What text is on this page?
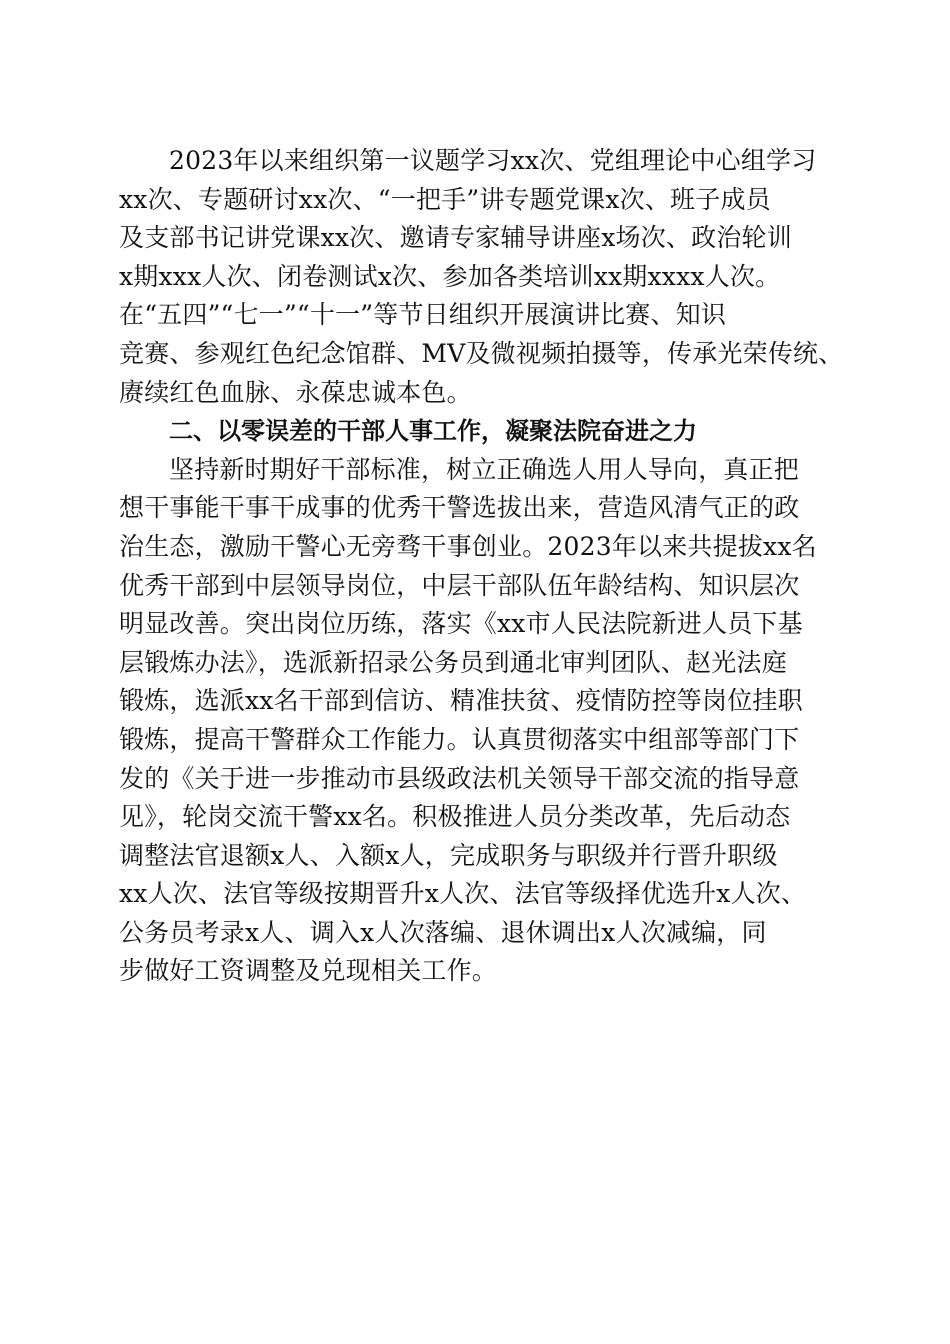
2023年以来组织第一议题学习xx次、党组理论中心组学习
xx次、专题研讨xx次、“一把手”讲专题党课x次、班子成员
及支部书记讲党课xx次、邀请专家辅导讲座x场次、政治轮训
x期xxx人次、闭卷测试x次、参加各类培训xx期xxxx人次。
在“五四”“七一”“十一”等节日组织开展演讲比赛、知识
竞赛、参观红色纪念馆群、MV及微视频拍摄等，传承光荣传统、
赓续红色血脉、永葆忠诚本色。
二、以零误差的干部人事工作，凝聚法院奋进之力
坚持新时期好干部标准，树立正确选人用人导向，真正把
想干事能干事干成事的优秀干警选拔出来，营造风清气正的政
治生态，激励干警心无旁骛干事创业。2023年以来共提拔xx名
优秀干部到中层领导岗位，中层干部队伍年龄结构、知识层次
明显改善。突出岗位历练，落实《xx市人民法院新进人员下基
层锻炼办法》，选派新招录公务员到通北审判团队、赵光法庭
锻炼，选派xx名干部到信访、精准扶贫、疫情防控等岗位挂职
锻炼，提高干警群众工作能力。认真贯彻落实中组部等部门下
发的《关于进一步推动市县级政法机关领导干部交流的指导意
见》，轮岗交流干警xx名。积极推进人员分类改革，先后动态
调整法官退额x人、入额x人，完成职务与职级并行晋升职级
xx人次、法官等级按期晋升x人次、法官等级择优选升x人次、
公务员考录x人、调入x人次落编、退休调出x人次减编，同
步做好工资调整及兑现相关工作。
